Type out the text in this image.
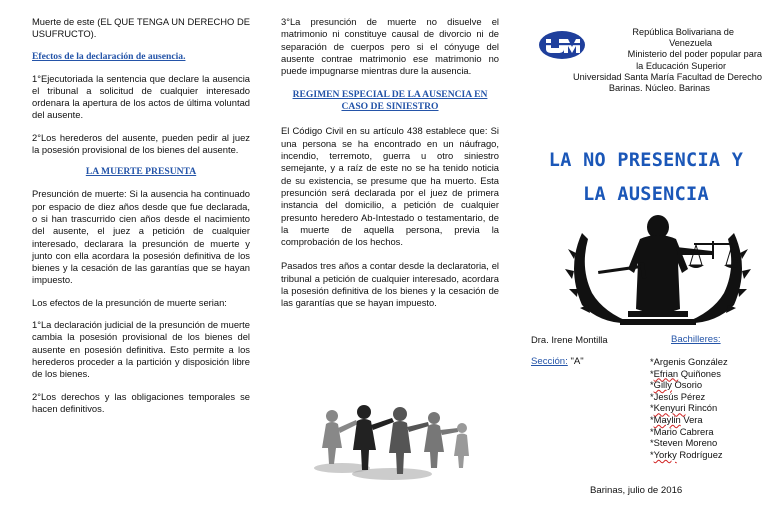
Muerte de este (EL QUE TENGA UN DERECHO DE USUFRUCTO).

Efectos de la declaración de ausencia.

1°Ejecutoriada la sentencia que declare la ausencia el tribunal a solicitud de cualquier interesado ordenara la apertura de los actos de última voluntad del ausente.

2°Los herederos del ausente, pueden pedir al juez la posesión provisional de los bienes del ausente.

LA MUERTE PRESUNTA

Presunción de muerte: Si la ausencia ha continuado por espacio de diez años desde que fue declarada, o si han trascurrido cien años desde el nacimiento del ausente, el juez a petición de cualquier interesado, declarara la presunción de muerte y junto con ella acordara la posesión definitiva de los bienes y la cesación de las garantías que se hayan impuesto.

Los efectos de la presunción de muerte serian:

1°La declaración judicial de la presunción de muerte cambia la posesión provisional de los bienes del ausente en posesión definitiva. Esto permite a los herederos proceder a la partición y disposición libre de los bienes.

2°Los derechos y las obligaciones temporales se hacen definitivos.

3°La presunción de muerte no disuelve el matrimonio ni constituye causal de divorcio ni de separación de cuerpos pero si el cónyuge del ausente contrae matrimonio ese matrimonio no puede impugnarse mientras dure la ausencia.

REGIMEN ESPECIAL DE LA AUSENCIA EN CASO DE SINIESTRO

El Código Civil en su artículo 438 establece que: Si una persona se ha encontrado en un náufrago, incendio, terremoto, guerra u otro siniestro semejante, y a raíz de este no se ha tenido noticia de su existencia, se presume que ha muerto. Esta presunción será declarada por el juez de primera instancia del domicilio, a petición de cualquier presunto heredero Ab-Intestado o testamentario, de la muerte de aquella persona, previa la comprobación de los hechos.

Pasados tres años a contar desde la declaratoria, el tribunal a petición de cualquier interesado, acordara la posesión definitiva de los bienes y la cesación de las garantías que se hayan impuesto.

República Bolivariana de
Venezuela
Ministerio del poder popular para
la Educación Superior
Universidad Santa María Facultad de Derecho
Barinas. Núcleo. Barinas
LA NO PRESENCIA Y
LA AUSENCIA
Dra. Irene Montilla	Bachilleres:
Sección: "A"	*Argenis González
*Efrian Quiñones
*Gilly Osorio
*Jesús Pérez
*Kenyuri Rincón
*Maylin Vera
*Mario Cabrera
*Steven Moreno
*Yorky Rodríguez
Barinas, julio de 2016
